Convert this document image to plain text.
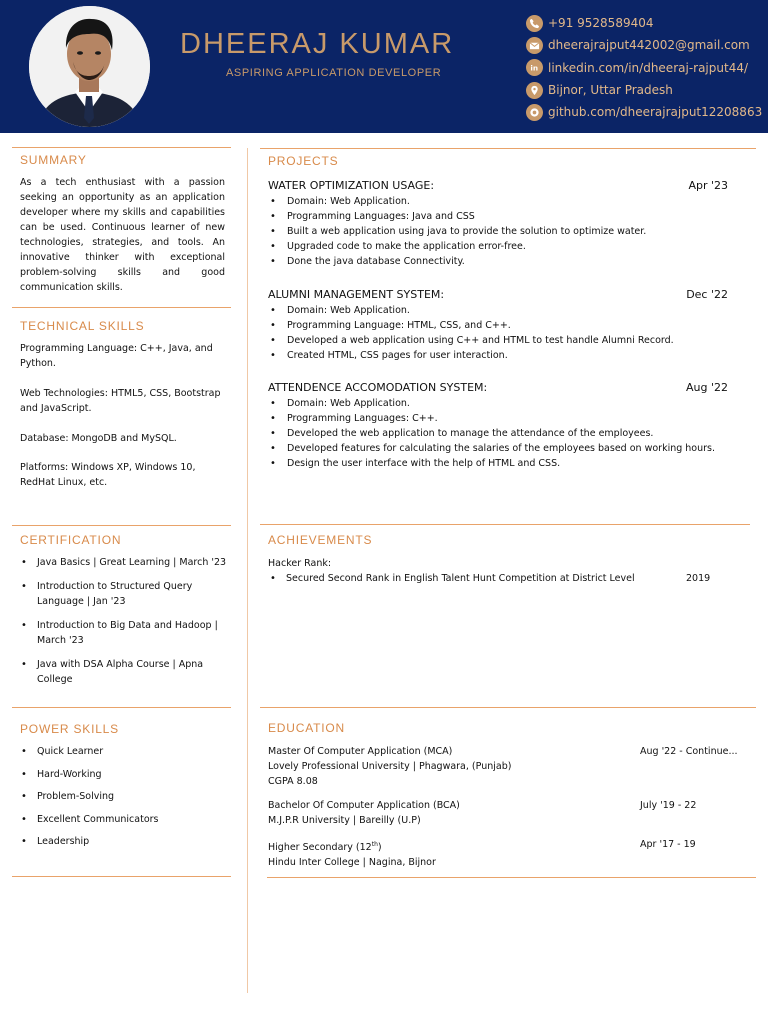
DHEERAJ KUMAR
ASPIRING APPLICATION DEVELOPER
+91 9528589404
dheerajrajput442002@gmail.com
in linkedin.com/in/dheeraj-rajput44/
Bijnor, Uttar Pradesh
github.com/dheerajrajput12208863
SUMMARY
As a tech enthusiast with a passion seeking an opportunity as an application developer where my skills and capabilities can be used. Continuous learner of new technologies, strategies, and tools. An innovative thinker with exceptional problem-solving skills and good communication skills.
TECHNICAL SKILLS
Programming Language: C++, Java, and Python.
Web Technologies: HTML5, CSS, Bootstrap and JavaScript.
Database: MongoDB and MySQL.
Platforms: Windows XP, Windows 10, RedHat Linux, etc.
CERTIFICATION
• Java Basics | Great Learning | March '23
• Introduction to Structured Query Language | Jan '23
• Introduction to Big Data and Hadoop | March '23
• Java with DSA Alpha Course | Apna College
POWER SKILLS
• Quick Learner
• Hard-Working
• Problem-Solving
• Excellent Communicators
• Leadership
PROJECTS
WATER OPTIMIZATION USAGE:	Apr '23
• Domain: Web Application.
• Programming Languages: Java and CSS
• Built a web application using java to provide the solution to optimize water.
• Upgraded code to make the application error-free.
• Done the java database Connectivity.
ALUMNI MANAGEMENT SYSTEM:	Dec '22
• Domain: Web Application.
• Programming Language: HTML, CSS, and C++.
• Developed a web application using C++ and HTML to test handle Alumni Record.
• Created HTML, CSS pages for user interaction.
ATTENDENCE ACCOMODATION SYSTEM:	Aug '22
• Domain: Web Application.
• Programming Languages: C++.
• Developed the web application to manage the attendance of the employees.
• Developed features for calculating the salaries of the employees based on working hours.
• Design the user interface with the help of HTML and CSS.
ACHIEVEMENTS
Hacker Rank:
• Secured Second Rank in English Talent Hunt Competition at District Level	2019
EDUCATION
Master Of Computer Application (MCA)	Aug '22 - Continue...
Lovely Professional University | Phagwara, (Punjab)
CGPA 8.08
Bachelor Of Computer Application (BCA)	July '19 - 22
M.J.P.R University | Bareilly (U.P)
Higher Secondary (12th)	Apr '17 - 19
Hindu Inter College | Nagina, Bijnor
